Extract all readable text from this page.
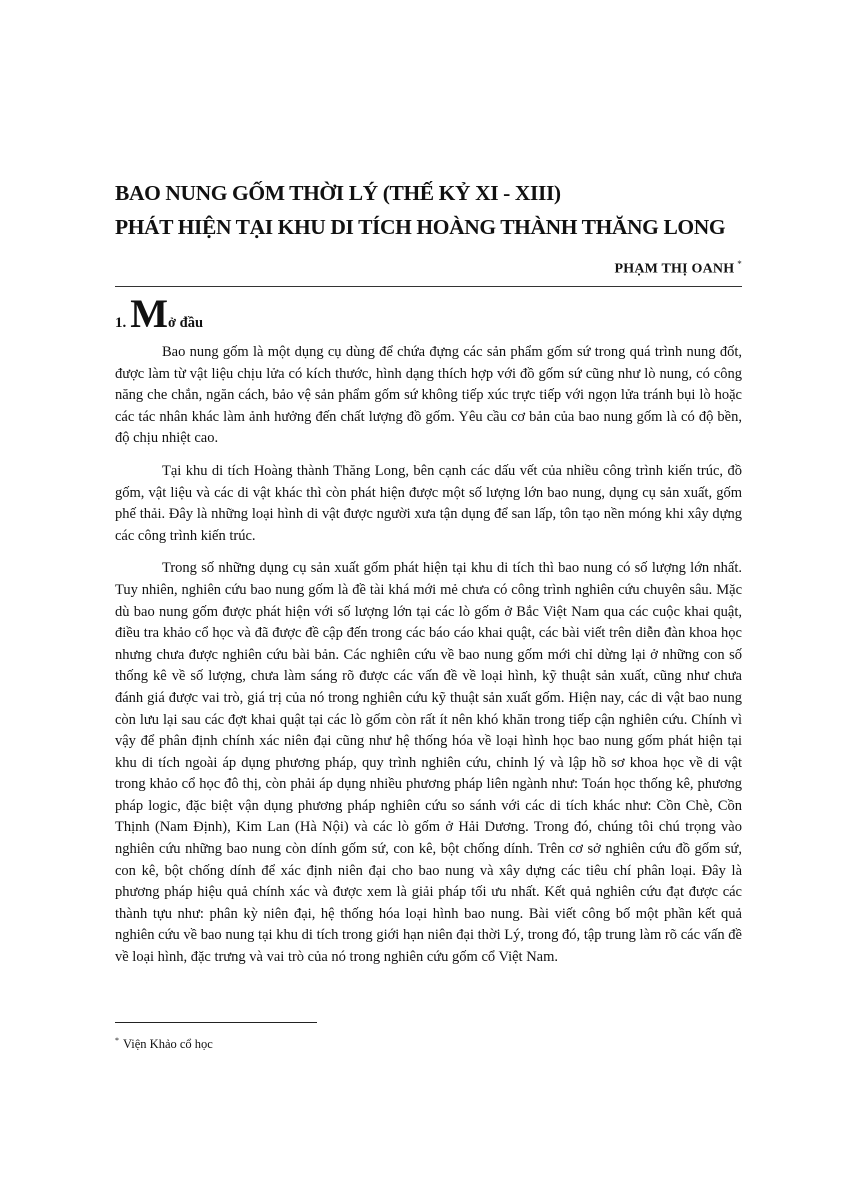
BAO NUNG GỐM THỜI LÝ (THẾ KỶ XI - XIII)
PHÁT HIỆN TẠI KHU DI TÍCH HOÀNG THÀNH THĂNG LONG
PHẠM THỊ OANH *
1. Mở đầu

Bao nung gốm là một dụng cụ dùng để chứa đựng các sản phẩm gốm sứ trong quá trình nung đốt, được làm từ vật liệu chịu lửa có kích thước, hình dạng thích hợp với đồ gốm sứ cũng như lò nung, có công năng che chắn, ngăn cách, bảo vệ sản phẩm gốm sứ không tiếp xúc trực tiếp với ngọn lửa tránh bụi lò hoặc các tác nhân khác làm ảnh hưởng đến chất lượng đồ gốm. Yêu cầu cơ bản của bao nung gốm là có độ bền, độ chịu nhiệt cao.

Tại khu di tích Hoàng thành Thăng Long, bên cạnh các dấu vết của nhiều công trình kiến trúc, đồ gốm, vật liệu và các di vật khác thì còn phát hiện được một số lượng lớn bao nung, dụng cụ sản xuất, gốm phế thải. Đây là những loại hình di vật được người xưa tận dụng để san lấp, tôn tạo nền móng khi xây dựng các công trình kiến trúc.

Trong số những dụng cụ sản xuất gốm phát hiện tại khu di tích thì bao nung có số lượng lớn nhất. Tuy nhiên, nghiên cứu bao nung gốm là đề tài khá mới mẻ chưa có công trình nghiên cứu chuyên sâu. Mặc dù bao nung gốm được phát hiện với số lượng lớn tại các lò gốm ở Bắc Việt Nam qua các cuộc khai quật, điều tra khảo cổ học và đã được đề cập đến trong các báo cáo khai quật, các bài viết trên diễn đàn khoa học nhưng chưa được nghiên cứu bài bản. Các nghiên cứu về bao nung gốm mới chỉ dừng lại ở những con số thống kê về số lượng, chưa làm sáng rõ được các vấn đề về loại hình, kỹ thuật sản xuất, cũng như chưa đánh giá được vai trò, giá trị của nó trong nghiên cứu kỹ thuật sản xuất gốm. Hiện nay, các di vật bao nung còn lưu lại sau các đợt khai quật tại các lò gốm còn rất ít nên khó khăn trong tiếp cận nghiên cứu. Chính vì vậy để phân định chính xác niên đại cũng như hệ thống hóa về loại hình học bao nung gốm phát hiện tại khu di tích ngoài áp dụng phương pháp, quy trình nghiên cứu, chỉnh lý và lập hồ sơ khoa học về di vật trong khảo cổ học đô thị, còn phải áp dụng nhiều phương pháp liên ngành như: Toán học thống kê, phương pháp logic, đặc biệt vận dụng phương pháp nghiên cứu so sánh với các di tích khác như: Cồn Chè, Cồn Thịnh (Nam Định), Kim Lan (Hà Nội) và các lò gốm ở Hải Dương. Trong đó, chúng tôi chú trọng vào nghiên cứu những bao nung còn dính gốm sứ, con kê, bột chống dính. Trên cơ sở nghiên cứu đồ gốm sứ, con kê, bột chống dính để xác định niên đại cho bao nung và xây dựng các tiêu chí phân loại. Đây là phương pháp hiệu quả chính xác và được xem là giải pháp tối ưu nhất. Kết quả nghiên cứu đạt được các thành tựu như: phân kỳ niên đại, hệ thống hóa loại hình bao nung. Bài viết công bố một phần kết quả nghiên cứu về bao nung tại khu di tích trong giới hạn niên đại thời Lý, trong đó, tập trung làm rõ các vấn đề về loại hình, đặc trưng và vai trò của nó trong nghiên cứu gốm cổ Việt Nam.

* Viện Khảo cổ học
